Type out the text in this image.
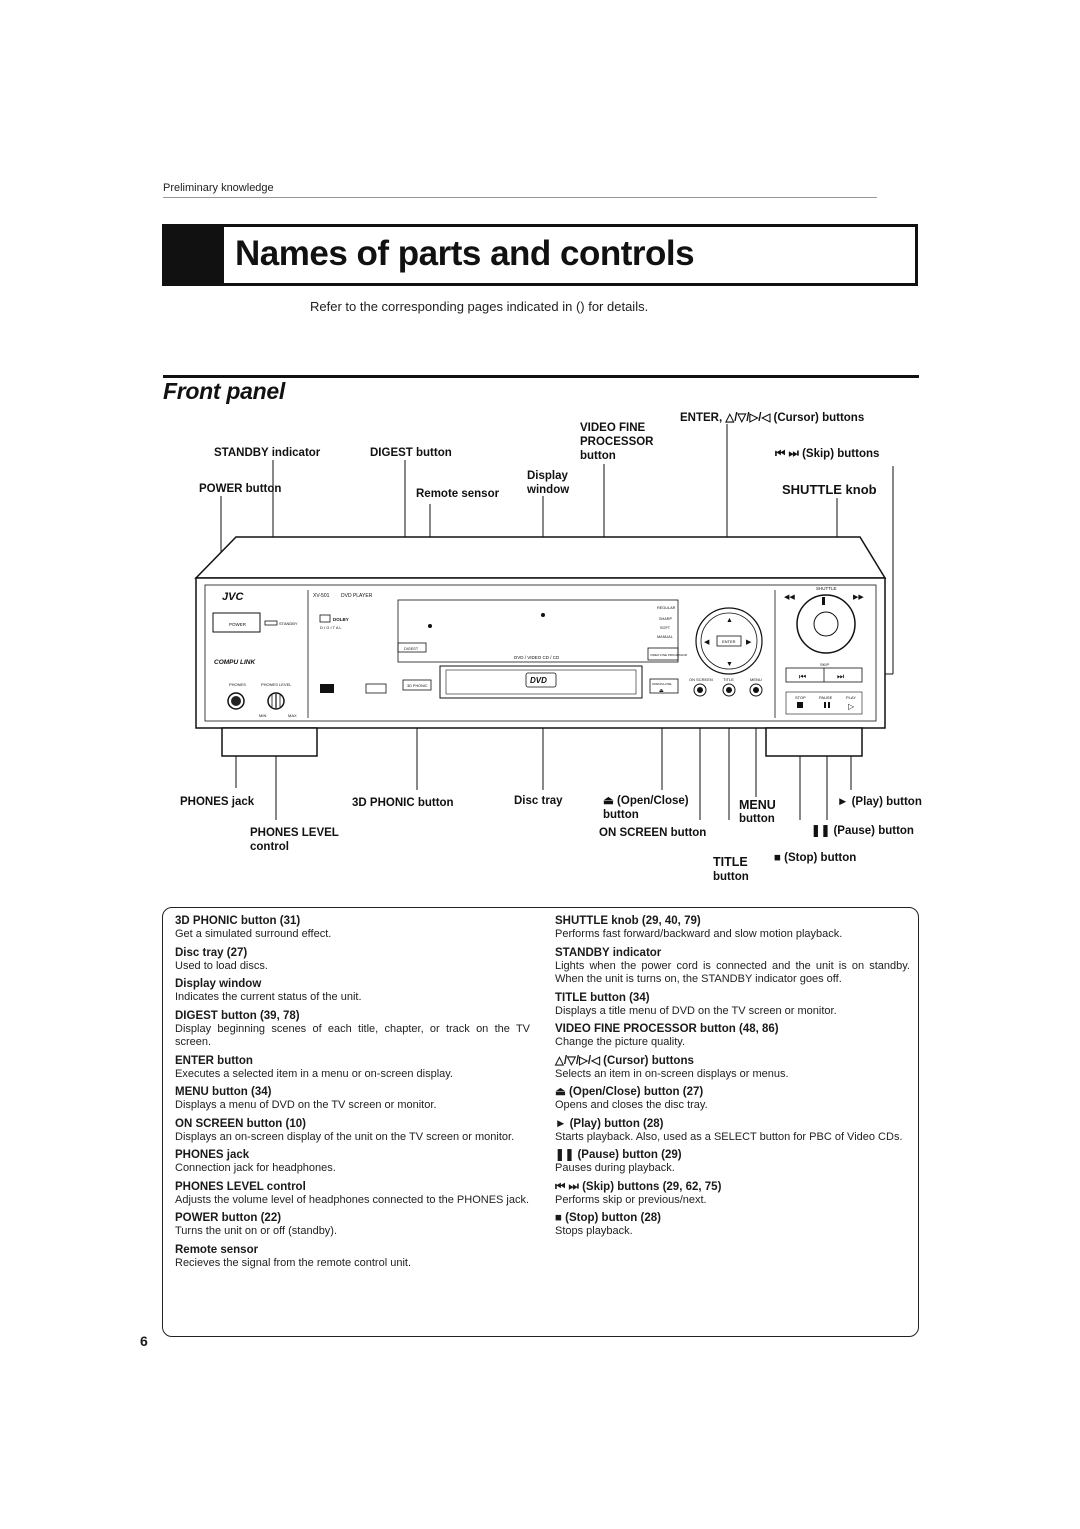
Preliminary knowledge
Names of parts and controls
Refer to the corresponding pages indicated in () for details.
Front panel
ENTER, △/▽/▷/◁ (Cursor) buttons
VIDEO FINE
PROCESSOR
button
STANDBY indicator	DIGEST button	⏮ ⏭ (Skip) buttons
Display
window
POWER button	Remote sensor	SHUTTLE knob
PHONES jack	3D PHONIC button	Disc tray	⏏ (Open/Close)
button
MENU
button
► (Play) button
PHONES LEVEL
control
ON SCREEN button	❚❚ (Pause) button
TITLE
button
■ (Stop) button
JVC
POWER	STANDBY
COMPU LINK
PHONES	PHONES LEVEL
MIN	MAX
XV-501 DVD PLAYER
DOLBY
D I G I T A L
DIGEST
DVD / VIDEO CD / CD
REGULAR
SHARP
SOFT
MANUAL
VIDEO FINE PROCESSOR
3D PHONIC
DVD	OPEN/CLOSE
⏏
ENTER
▲
▼
◀	▶
ON SCREEN	TITLE	MENU
SHUTTLE
◀◀	▶▶
SKIP
⏮	⏭
STOP	PAUSE	PLAY
▷
3D PHONIC button (31)
Get a simulated surround effect.
Disc tray (27)
Used to load discs.
Display window
Indicates the current status of the unit.
DIGEST button (39, 78)
Display beginning scenes of each title, chapter, or track on the TV screen.
ENTER button
Executes a selected item in a menu or on-screen display.
MENU button (34)
Displays a menu of DVD on the TV screen or monitor.
ON SCREEN button (10)
Displays an on-screen display of the unit on the TV screen or monitor.
PHONES jack
Connection jack for headphones.
PHONES LEVEL control
Adjusts the volume level of headphones connected to the PHONES jack.
POWER button (22)
Turns the unit on or off (standby).
Remote sensor
Recieves the signal from the remote control unit.
SHUTTLE knob (29, 40, 79)
Performs fast forward/backward and slow motion playback.
STANDBY indicator
Lights when the power cord is connected and the unit is on standby. When the unit is turns on, the STANDBY indicator goes off.
TITLE button (34)
Displays a title menu of DVD on the TV screen or monitor.
VIDEO FINE PROCESSOR button (48, 86)
Change the picture quality.
△/▽/▷/◁ (Cursor) buttons
Selects an item in on-screen displays or menus.
⏏ (Open/Close) button (27)
Opens and closes the disc tray.
► (Play) button (28)
Starts playback. Also, used as a SELECT button for PBC of Video CDs.
❚❚ (Pause) button (29)
Pauses during playback.
⏮ ⏭ (Skip) buttons (29, 62, 75)
Performs skip or previous/next.
■ (Stop) button (28)
Stops playback.
6
